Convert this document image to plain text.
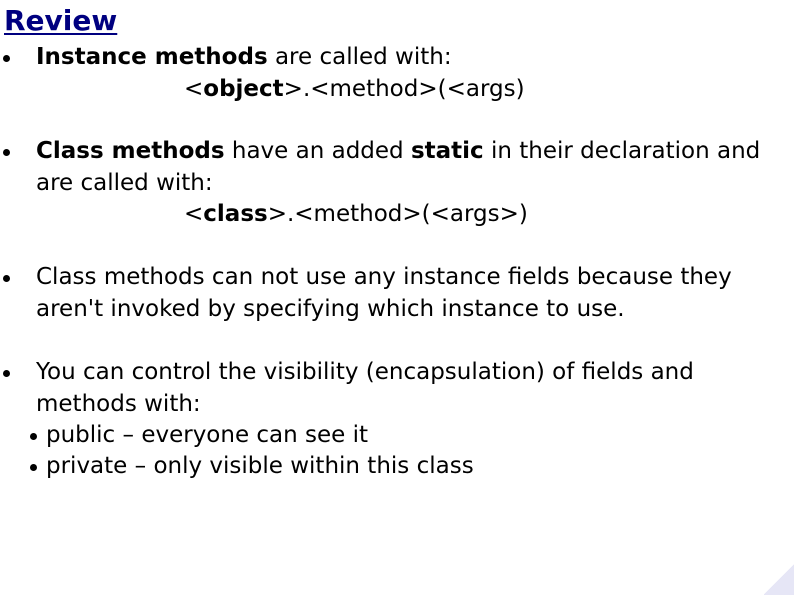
Review
Instance methods are called with:
<object>.<method>(<args)
Class methods have an added static in their declaration and are called with:
<class>.<method>(<args>)
Class methods can not use any instance fields because they aren't invoked by specifying which instance to use.
You can control the visibility (encapsulation) of fields and methods with:
public – everyone can see it
private – only visible within this class
